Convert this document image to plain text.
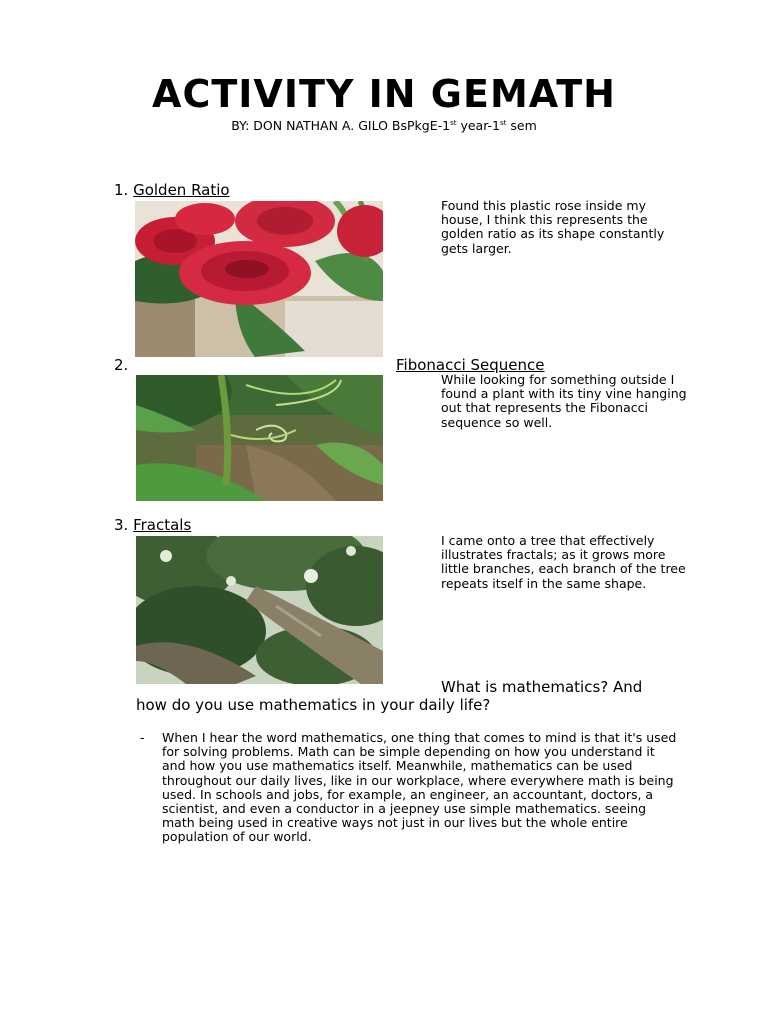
ACTIVITY IN GEMATH
BY: DON NATHAN A. GILO BsPkgE-1st year-1st sem
1. Golden Ratio
Found this plastic rose inside my house, I think this represents the golden ratio as its shape constantly gets larger.
2.	Fibonacci Sequence
While looking for something outside I found a plant with its tiny vine hanging out that represents the Fibonacci sequence so well.
3. Fractals
I came onto a tree that effectively illustrates fractals; as it grows more little branches, each branch of the tree repeats itself in the same shape.
What is mathematics? And
how do you use mathematics in your daily life?
- When I hear the word mathematics, one thing that comes to mind is that it's used for solving problems. Math can be simple depending on how you understand it and how you use mathematics itself. Meanwhile, mathematics can be used throughout our daily lives, like in our workplace, where everywhere math is being used. In schools and jobs, for example, an engineer, an accountant, doctors, a scientist, and even a conductor in a jeepney use simple mathematics. seeing math being used in creative ways not just in our lives but the whole entire population of our world.
